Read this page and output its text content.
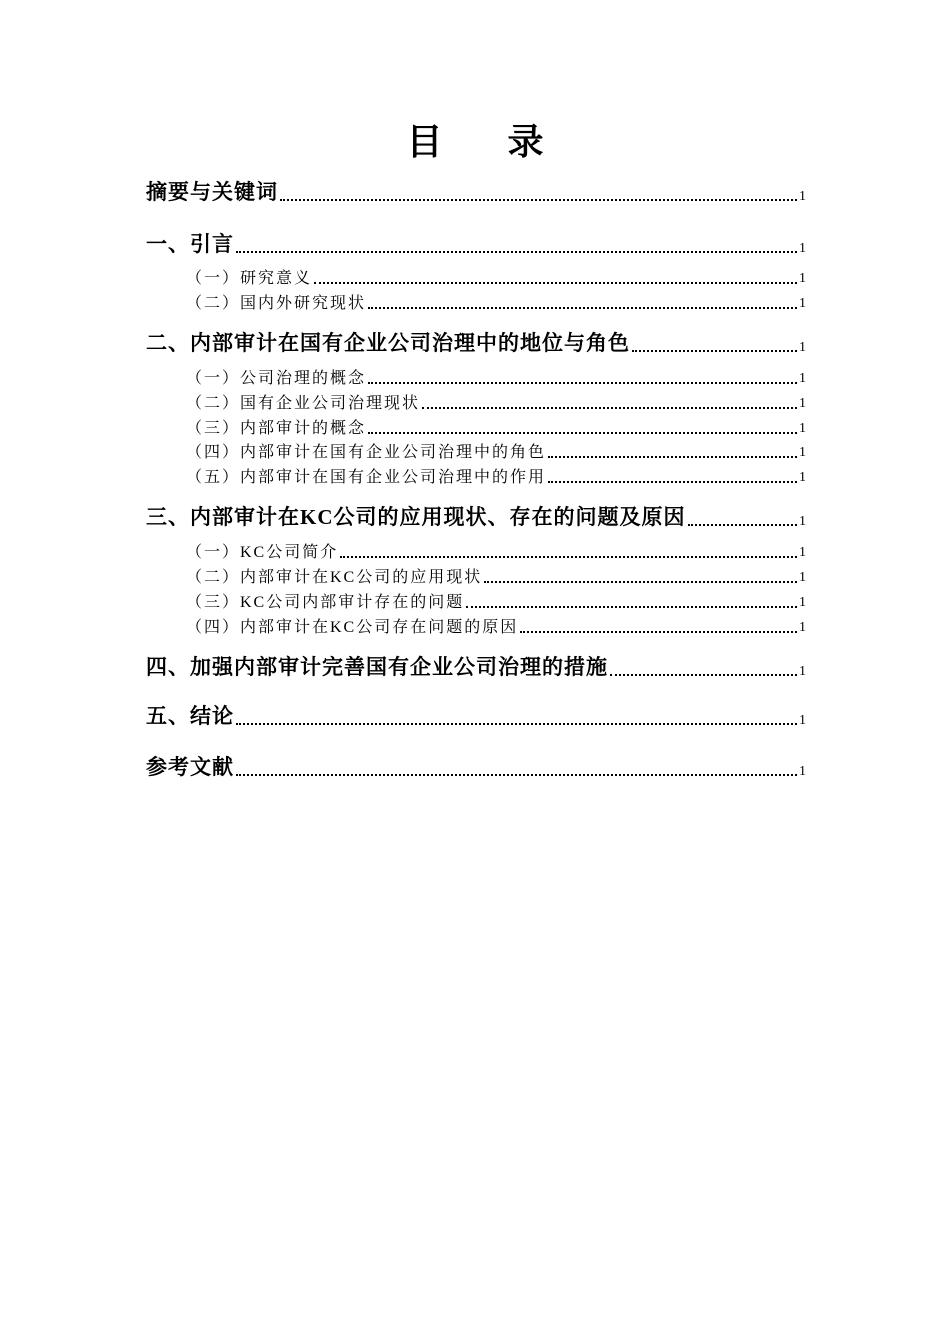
目 录
摘要与关键词	1
一、引言	1
（一）研究意义	1
（二）国内外研究现状	1
二、内部审计在国有企业公司治理中的地位与角色	1
（一）公司治理的概念	1
（二）国有企业公司治理现状	1
（三）内部审计的概念	1
（四）内部审计在国有企业公司治理中的角色	1
（五）内部审计在国有企业公司治理中的作用	1
三、内部审计在KC公司的应用现状、存在的问题及原因	1
（一）KC公司简介	1
（二）内部审计在KC公司的应用现状	1
（三）KC公司内部审计存在的问题	1
（四）内部审计在KC公司存在问题的原因	1
四、加强内部审计完善国有企业公司治理的措施	1
五、结论	1
参考文献	1
